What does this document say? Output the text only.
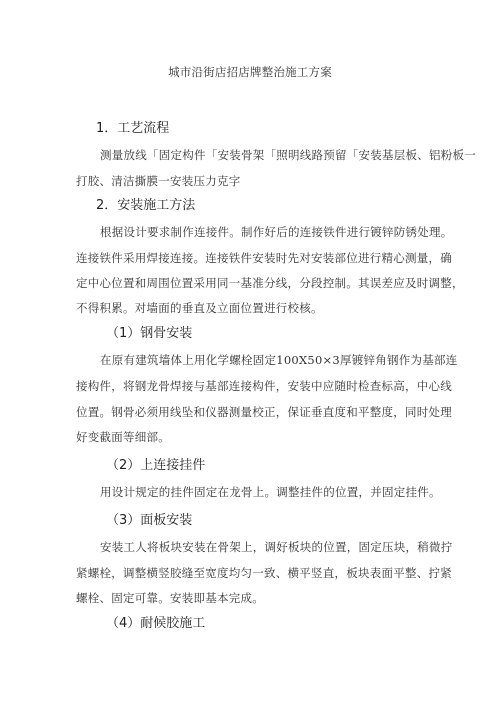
城市沿街店招店牌整治施工方案
1．工艺流程
测量放线「固定构件「安装骨架「照明线路预留「安装基层板、铝粉板一
打胶、清洁撕膜一安装压力克字
2．安装施工方法
根据设计要求制作连接件。制作好后的连接铁件进行镀锌防锈处理。
连接铁件采用焊接连接。连接铁件安装时先对安装部位进行精心测量，确
定中心位置和周围位置采用同一基准分线，分段控制。其误差应及时调整，
不得积累。对墙面的垂直及立面位置进行校核。
（1）钢骨安装
在原有建筑墙体上用化学螺栓固定100X50×3厚镀锌角钢作为基部连
接构件，将钢龙骨焊接与基部连接构件，安装中应随时检查标高，中心线
位置。钢骨必须用线坠和仪器测量校正，保证垂直度和平整度，同时处理
好变截面等细部。
（2）上连接挂件
用设计规定的挂件固定在龙骨上。调整挂件的位置，并固定挂件。
（3）面板安装
安装工人将板块安装在骨架上，调好板块的位置，固定压块，稍微拧
紧螺栓，调整横竖胶缝至宽度均匀一致、横平竖直，板块表面平整、拧紧
螺栓、固定可靠。安装即基本完成。
（4）耐候胶施工
